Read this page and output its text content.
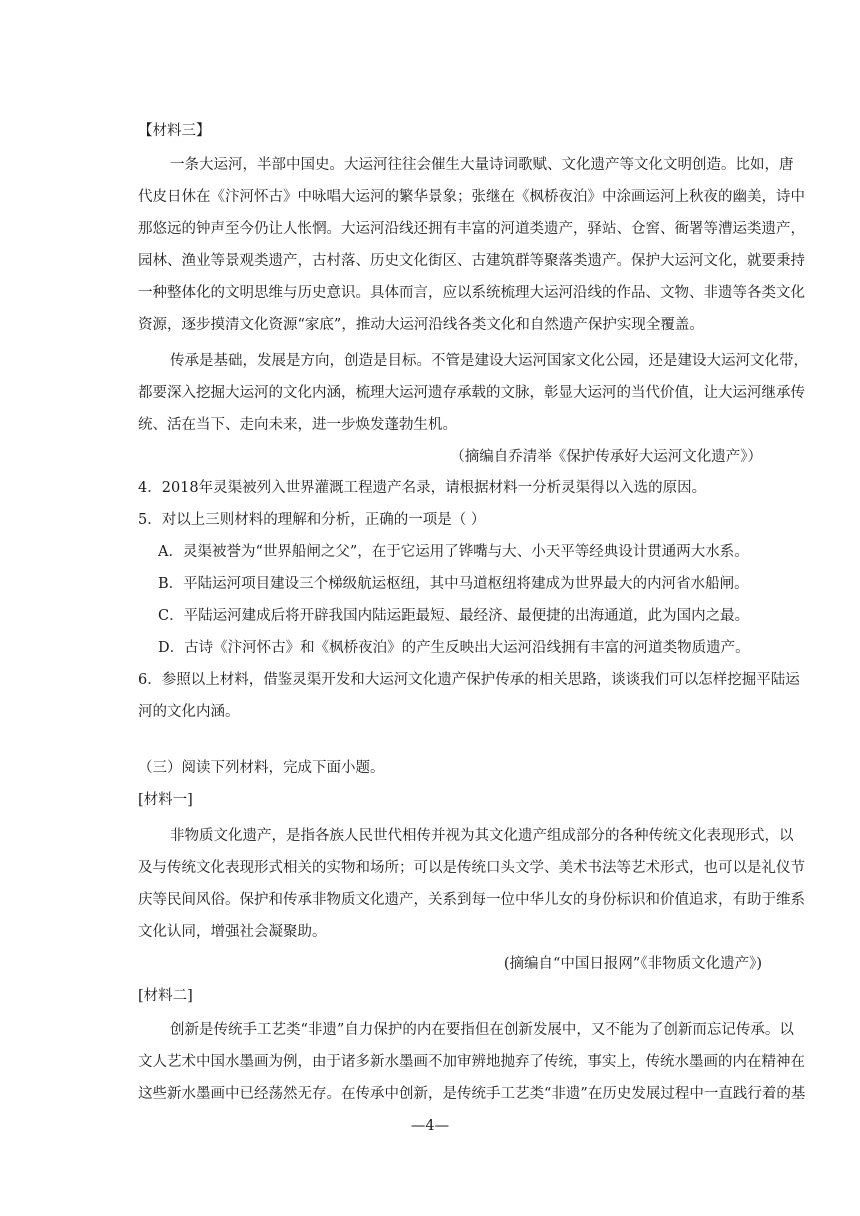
【材料三】
一条大运河，半部中国史。大运河往往会催生大量诗词歌赋、文化遗产等文化文明创造。比如，唐
代皮日休在《汴河怀古》中咏唱大运河的繁华景象；张继在《枫桥夜泊》中涂画运河上秋夜的幽美，诗中
那悠远的钟声至今仍让人怅惘。大运河沿线还拥有丰富的河道类遗产，驿站、仓窖、衙署等漕运类遗产，
园林、渔业等景观类遗产，古村落、历史文化街区、古建筑群等聚落类遗产。保护大运河文化，就要秉持
一种整体化的文明思维与历史意识。具体而言，应以系统梳理大运河沿线的作品、文物、非遗等各类文化
资源，逐步摸清文化资源“家底”，推动大运河沿线各类文化和自然遗产保护实现全覆盖。
传承是基础，发展是方向，创造是目标。不管是建设大运河国家文化公园，还是建设大运河文化带，
都要深入挖掘大运河的文化内涵，梳理大运河遗存承载的文脉，彰显大运河的当代价值，让大运河继承传
统、活在当下、走向未来，进一步焕发蓬勃生机。
（摘编自乔清举《保护传承好大运河文化遗产》）
4．2018年灵渠被列入世界灌溉工程遗产名录，请根据材料一分析灵渠得以入选的原因。
5．对以上三则材料的理解和分析，正确的一项是（ ）
A．灵渠被誉为“世界船闸之父”，在于它运用了铧嘴与大、小天平等经典设计贯通两大水系。
B．平陆运河项目建设三个梯级航运枢纽，其中马道枢纽将建成为世界最大的内河省水船闸。
C．平陆运河建成后将开辟我国内陆运距最短、最经济、最便捷的出海通道，此为国内之最。
D．古诗《汴河怀古》和《枫桥夜泊》的产生反映出大运河沿线拥有丰富的河道类物质遗产。
6．参照以上材料，借鉴灵渠开发和大运河文化遗产保护传承的相关思路，谈谈我们可以怎样挖掘平陆运
河的文化内涵。
（三）阅读下列材料，完成下面小题。
[材料一]
非物质文化遗产，是指各族人民世代相传并视为其文化遗产组成部分的各种传统文化表现形式，以
及与传统文化表现形式相关的实物和场所；可以是传统口头文学、美术书法等艺术形式，也可以是礼仪节
庆等民间风俗。保护和传承非物质文化遗产，关系到每一位中华儿女的身份标识和价值追求，有助于维系
文化认同，增强社会凝聚助。
(摘编自“中国日报网”《非物质文化遗产》)
[材料二]
创新是传统手工艺类“非遗”自力保护的内在要指但在创新发展中，又不能为了创新而忘记传承。以
文人艺术中国水墨画为例，由于诸多新水墨画不加审辨地抛弃了传统，事实上，传统水墨画的内在精神在
这些新水墨画中已经荡然无存。在传承中创新，是传统手工艺类“非遗”在历史发展过程中一直践行着的基
—4—
